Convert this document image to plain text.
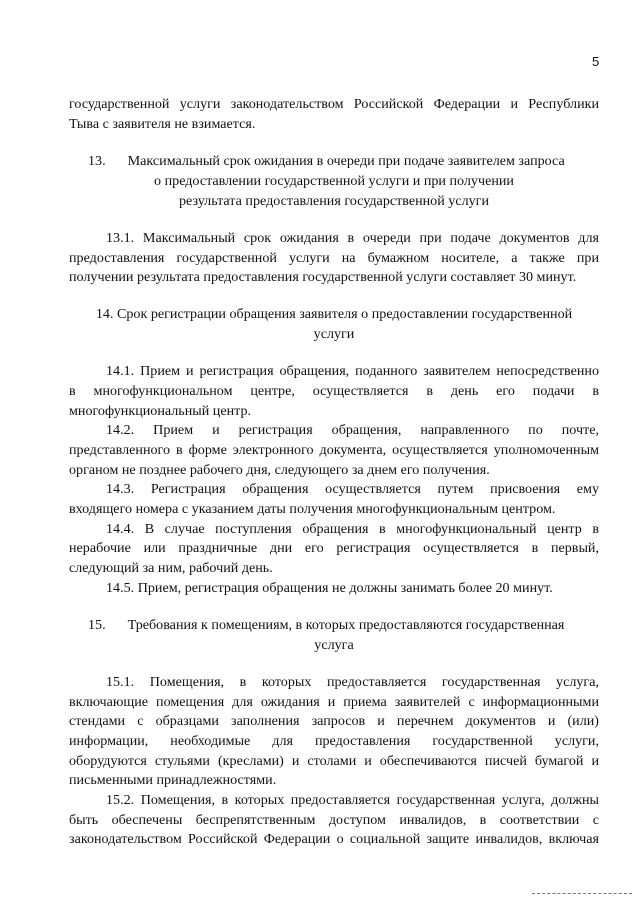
5
государственной услуги законодательством Российской Федерации и Республики
Тыва с заявителя не взимается.
13. Максимальный срок ожидания в очереди при подаче заявителем запроса
о предоставлении государственной услуги и при получении
результата предоставления государственной услуги
13.1. Максимальный срок ожидания в очереди при подаче документов для
предоставления государственной услуги на бумажном носителе, а также при
получении результата предоставления государственной услуги составляет 30 минут.
14. Срок регистрации обращения заявителя о предоставлении государственной
услуги
14.1. Прием и регистрация обращения, поданного заявителем непосредственно
в многофункциональном центре, осуществляется в день его подачи в
многофункциональный центр.
14.2. Прием и регистрация обращения, направленного по почте,
представленного в форме электронного документа, осуществляется уполномоченным
органом не позднее рабочего дня, следующего за днем его получения.
14.3. Регистрация обращения осуществляется путем присвоения ему
входящего номера с указанием даты получения многофункциональным центром.
14.4. В случае поступления обращения в многофункциональный центр в
нерабочие или праздничные дни его регистрация осуществляется в первый,
следующий за ним, рабочий день.
14.5. Прием, регистрация обращения не должны занимать более 20 минут.
15. Требования к помещениям, в которых предоставляются государственная
услуга
15.1. Помещения, в которых предоставляется государственная услуга,
включающие помещения для ожидания и приема заявителей с информационными
стендами с образцами заполнения запросов и перечнем документов и (или)
информации, необходимые для предоставления государственной услуги,
оборудуются стульями (креслами) и столами и обеспечиваются писчей бумагой и
письменными принадлежностями.
15.2. Помещения, в которых предоставляется государственная услуга, должны
быть обеспечены беспрепятственным доступом инвалидов, в соответствии с
законодательством Российской Федерации о социальной защите инвалидов, включая
